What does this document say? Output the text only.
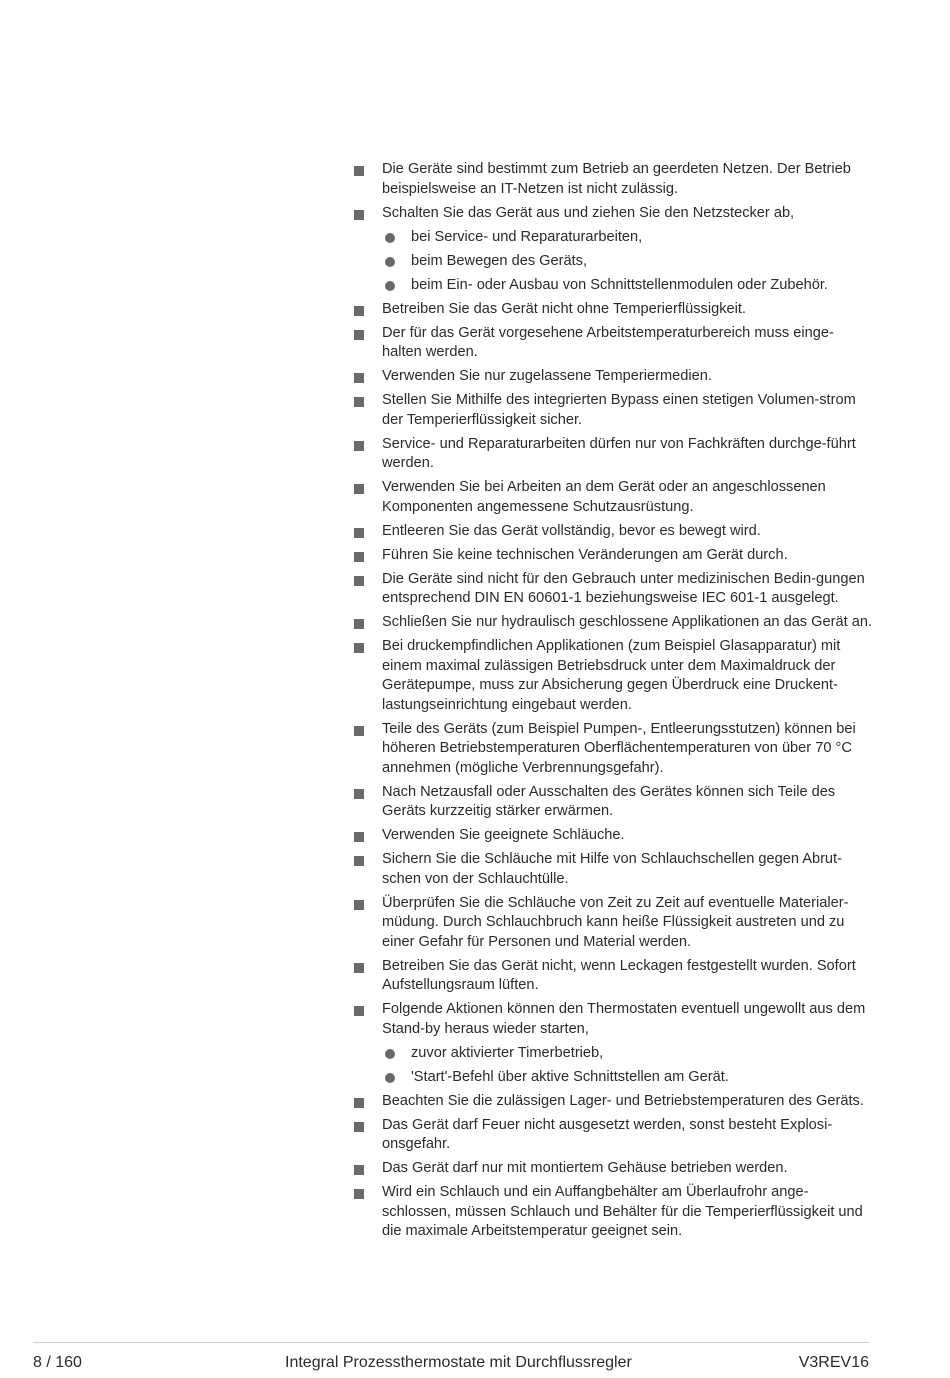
Die Geräte sind bestimmt zum Betrieb an geerdeten Netzen. Der Betrieb beispielsweise an IT-Netzen ist nicht zulässig.
Schalten Sie das Gerät aus und ziehen Sie den Netzstecker ab,
bei Service- und Reparaturarbeiten,
beim Bewegen des Geräts,
beim Ein- oder Ausbau von Schnittstellenmodulen oder Zubehör.
Betreiben Sie das Gerät nicht ohne Temperierflüssigkeit.
Der für das Gerät vorgesehene Arbeitstemperaturbereich muss einge-halten werden.
Verwenden Sie nur zugelassene Temperiermedien.
Stellen Sie Mithilfe des integrierten Bypass einen stetigen Volumen-strom der Temperierflüssigkeit sicher.
Service- und Reparaturarbeiten dürfen nur von Fachkräften durchge-führt werden.
Verwenden Sie bei Arbeiten an dem Gerät oder an angeschlossenen Komponenten angemessene Schutzausrüstung.
Entleeren Sie das Gerät vollständig, bevor es bewegt wird.
Führen Sie keine technischen Veränderungen am Gerät durch.
Die Geräte sind nicht für den Gebrauch unter medizinischen Bedin-gungen entsprechend DIN EN 60601-1 beziehungsweise IEC 601-1 ausgelegt.
Schließen Sie nur hydraulisch geschlossene Applikationen an das Gerät an.
Bei druckempfindlichen Applikationen (zum Beispiel Glasapparatur) mit einem maximal zulässigen Betriebsdruck unter dem Maximaldruck der Gerätepumpe, muss zur Absicherung gegen Überdruck eine Druckent-lastungseinrichtung eingebaut werden.
Teile des Geräts (zum Beispiel Pumpen-, Entleerungsstutzen) können bei höheren Betriebstemperaturen Oberflächentemperaturen von über 70 °C annehmen (mögliche Verbrennungsgefahr).
Nach Netzausfall oder Ausschalten des Gerätes können sich Teile des Geräts kurzzeitig stärker erwärmen.
Verwenden Sie geeignete Schläuche.
Sichern Sie die Schläuche mit Hilfe von Schlauchschellen gegen Abrut-schen von der Schlauchtülle.
Überprüfen Sie die Schläuche von Zeit zu Zeit auf eventuelle Materialer-müdung. Durch Schlauchbruch kann heiße Flüssigkeit austreten und zu einer Gefahr für Personen und Material werden.
Betreiben Sie das Gerät nicht, wenn Leckagen festgestellt wurden. Sofort Aufstellungsraum lüften.
Folgende Aktionen können den Thermostaten eventuell ungewollt aus dem Stand-by heraus wieder starten,
zuvor aktivierter Timerbetrieb,
'Start'-Befehl über aktive Schnittstellen am Gerät.
Beachten Sie die zulässigen Lager- und Betriebstemperaturen des Geräts.
Das Gerät darf Feuer nicht ausgesetzt werden, sonst besteht Explosi-onsgefahr.
Das Gerät darf nur mit montiertem Gehäuse betrieben werden.
Wird ein Schlauch und ein Auffangbehälter am Überlaufrohr ange-schlossen, müssen Schlauch und Behälter für die Temperierflüssigkeit und die maximale Arbeitstemperatur geeignet sein.
8 / 160	Integral Prozessthermostate mit Durchflussregler	V3REV16
